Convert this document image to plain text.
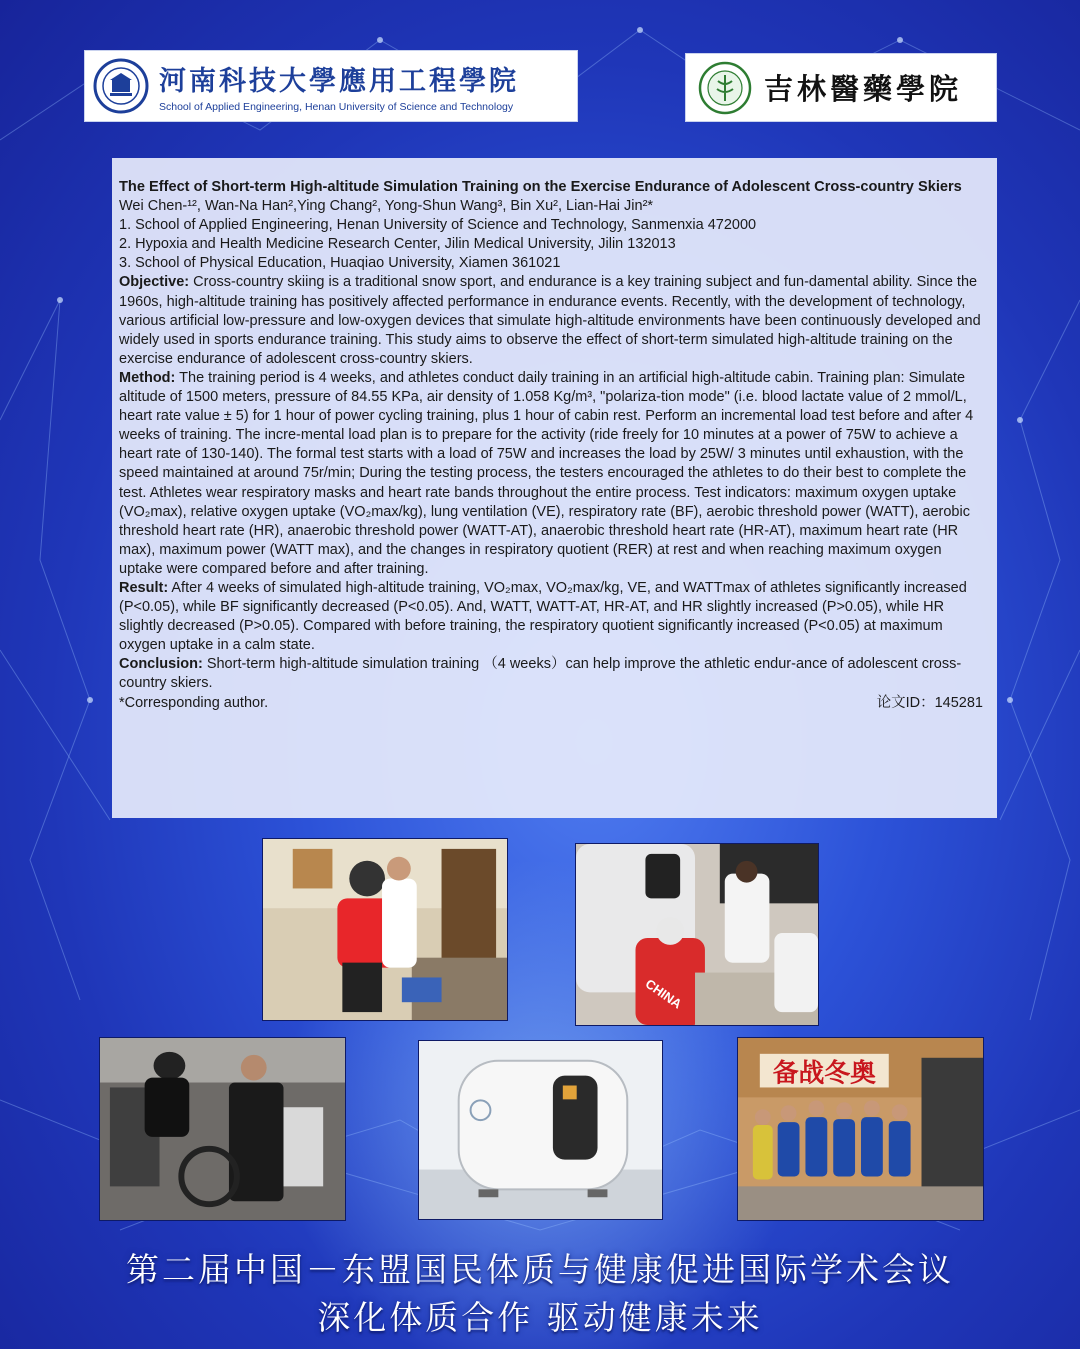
河南科技大學應用工程學院
School of Applied Engineering, Henan University of Science and Technology
吉林醫藥學院

The Effect of Short-term High-altitude Simulation Training on the Exercise Endurance of Adolescent Cross-country Skiers

Wei Chen-¹², Wan-Na Han²,Ying Chang², Yong-Shun Wang³, Bin Xu², Lian-Hai Jin²*

1. School of Applied Engineering, Henan University of Science and Technology, Sanmenxia 472000

2. Hypoxia and Health Medicine Research Center, Jilin Medical University, Jilin 132013

3. School of Physical Education, Huaqiao University, Xiamen 361021

Objective: Cross-country skiing is a traditional snow sport, and endurance is a key training subject and fun-damental ability. Since the 1960s, high-altitude training has positively affected performance in endurance events. Recently, with the development of technology, various artificial low-pressure and low-oxygen devices that simulate high-altitude environments have been continuously developed and widely used in sports endurance training. This study aims to observe the effect of short-term simulated high-altitude training on the exercise endurance of adolescent cross-country skiers.

Method: The training period is 4 weeks, and athletes conduct daily training in an artificial high-altitude cabin. Training plan: Simulate altitude of 1500 meters, pressure of 84.55 KPa, air density of 1.058 Kg/m³, "polariza-tion mode" (i.e. blood lactate value of 2 mmol/L, heart rate value ± 5) for 1 hour of power cycling training, plus 1 hour of cabin rest. Perform an incremental load test before and after 4 weeks of training. The incre-mental load plan is to prepare for the activity (ride freely for 10 minutes at a power of 75W to achieve a heart rate of 130-140). The formal test starts with a load of 75W and increases the load by 25W/ 3 minutes until exhaustion, with the speed maintained at around 75r/min; During the testing process, the testers encouraged the athletes to do their best to complete the test. Athletes wear respiratory masks and heart rate bands throughout the entire process. Test indicators: maximum oxygen uptake (VO₂max), relative oxygen uptake (VO₂max/kg), lung ventilation (VE), respiratory rate (BF), aerobic threshold power (WATT), aerobic threshold heart rate (HR), anaerobic threshold power (WATT-AT), anaerobic threshold heart rate (HR-AT), maximum heart rate (HR max), maximum power (WATT max), and the changes in respiratory quotient (RER) at rest and when reaching maximum oxygen uptake were compared before and after training.

Result: After 4 weeks of simulated high-altitude training, VO₂max, VO₂max/kg, VE, and WATTmax of athletes significantly increased (P<0.05), while BF significantly decreased (P<0.05). And, WATT, WATT-AT, HR-AT, and HR slightly increased (P>0.05), while HR slightly decreased (P>0.05). Compared with before training, the respiratory quotient significantly increased (P<0.05) at maximum oxygen uptake in a calm state.

Conclusion: Short-term high-altitude simulation training （4 weeks）can help improve the athletic endur-ance of adolescent cross-country skiers.

*Corresponding author.	论文ID：145281
CHINA
备战冬奥
第二届中国－东盟国民体质与健康促进国际学术会议
深化体质合作 驱动健康未来
